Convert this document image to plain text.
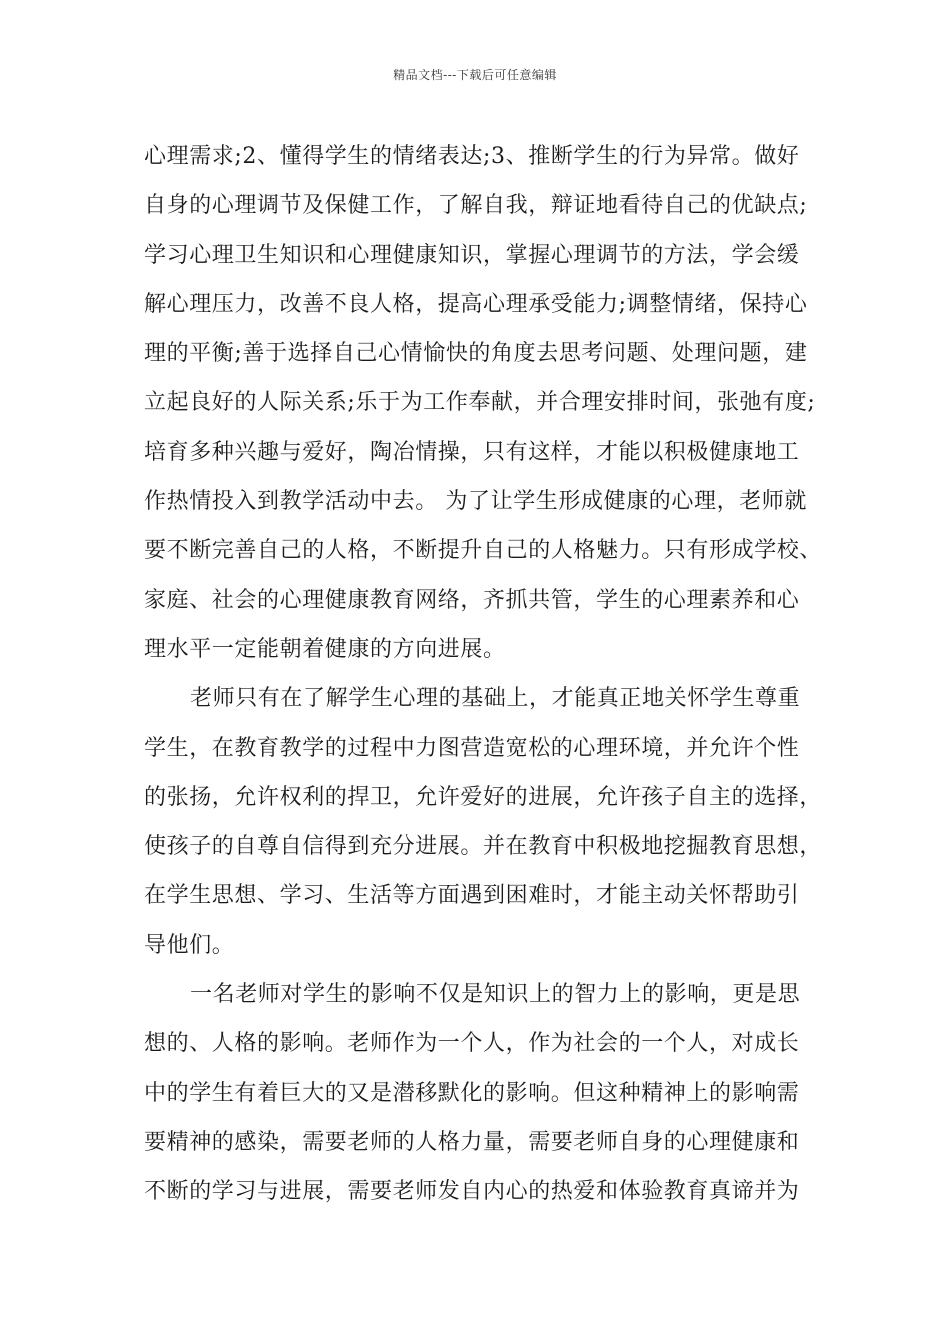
精品文档---下载后可任意编辑
心理需求;2、懂得学生的情绪表达;3、推断学生的行为异常。做好
自身的心理调节及保健工作，了解自我，辩证地看待自己的优缺点;
学习心理卫生知识和心理健康知识，掌握心理调节的方法，学会缓
解心理压力，改善不良人格，提高心理承受能力;调整情绪，保持心
理的平衡;善于选择自己心情愉快的角度去思考问题、处理问题，建
立起良好的人际关系;乐于为工作奉献，并合理安排时间，张弛有度;
培育多种兴趣与爱好，陶冶情操，只有这样，才能以积极健康地工
作热情投入到教学活动中去。 为了让学生形成健康的心理，老师就
要不断完善自己的人格，不断提升自己的人格魅力。只有形成学校、
家庭、社会的心理健康教育网络，齐抓共管，学生的心理素养和心
理水平一定能朝着健康的方向进展。
老师只有在了解学生心理的基础上，才能真正地关怀学生尊重
学生，在教育教学的过程中力图营造宽松的心理环境，并允许个性
的张扬，允许权利的捍卫，允许爱好的进展，允许孩子自主的选择，
使孩子的自尊自信得到充分进展。并在教育中积极地挖掘教育思想，
在学生思想、学习、生活等方面遇到困难时，才能主动关怀帮助引
导他们。
一名老师对学生的影响不仅是知识上的智力上的影响，更是思
想的、人格的影响。老师作为一个人，作为社会的一个人，对成长
中的学生有着巨大的又是潜移默化的影响。但这种精神上的影响需
要精神的感染，需要老师的人格力量，需要老师自身的心理健康和
不断的学习与进展，需要老师发自内心的热爱和体验教育真谛并为
